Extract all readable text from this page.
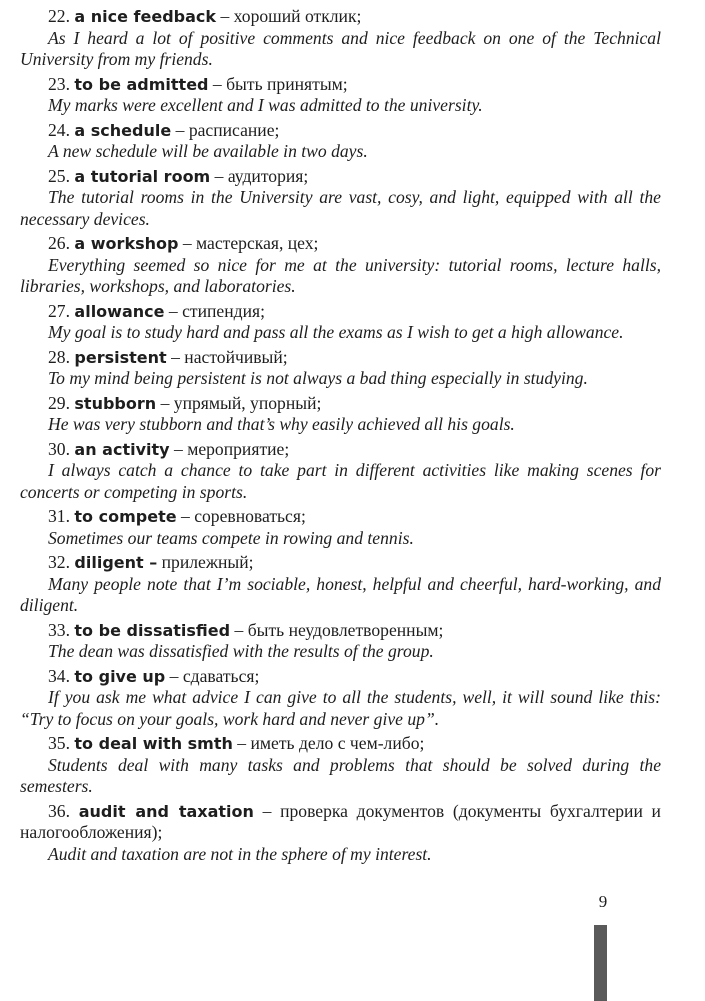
22. a nice feedback – хороший отклик;

As I heard a lot of positive comments and nice feedback on one of the Technical University from my friends.

23. to be admitted – быть принятым;

My marks were excellent and I was admitted to the university.

24. a schedule – расписание;

A new schedule will be available in two days.

25. a tutorial room – аудитория;

The tutorial rooms in the University are vast, cosy, and light, equipped with all the necessary devices.

26. a workshop – мастерская, цех;

Everything seemed so nice for me at the university: tutorial rooms, lecture halls, libraries, workshops, and laboratories.

27. allowance – стипендия;

My goal is to study hard and pass all the exams as I wish to get a high allowance.

28. persistent – настойчивый;

To my mind being persistent is not always a bad thing especially in studying.

29. stubborn – упрямый, упорный;

He was very stubborn and that’s why easily achieved all his goals.

30. an activity – мероприятие;

I always catch a chance to take part in different activities like making scenes for concerts or competing in sports.

31. to compete – соревноваться;

Sometimes our teams compete in rowing and tennis.

32. diligent – прилежный;

Many people note that I’m sociable, honest, helpful and cheerful, hard-working, and diligent.

33. to be dissatisfied – быть неудовлетворенным;

The dean was dissatisfied with the results of the group.

34. to give up – сдаваться;

If you ask me what advice I can give to all the students, well, it will sound like this: “Try to focus on your goals, work hard and never give up”.

35. to deal with smth – иметь дело с чем-либо;

Students deal with many tasks and problems that should be solved during the semesters.

36. audit and taxation – проверка документов (документы бухгалтерии и налогообложения);

Audit and taxation are not in the sphere of my interest.

9
